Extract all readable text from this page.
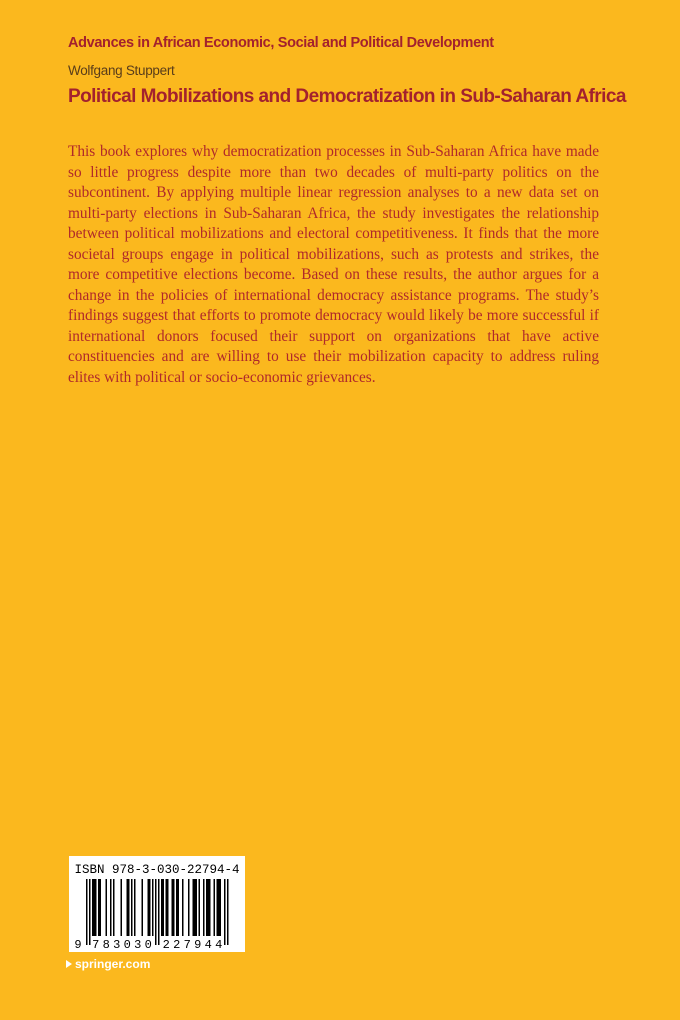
Advances in African Economic, Social and Political Development
Wolfgang Stuppert
Political Mobilizations and Democratization in Sub-Saharan Africa

This book explores why democratization processes in Sub-Saharan Africa have made so little progress despite more than two decades of multi-party politics on the subcontinent. By applying multiple linear regression analyses to a new data set on multi-party elections in Sub-Saharan Africa, the study investigates the relationship between political mobilizations and electoral competitiveness. It finds that the more societal groups engage in political mobilizations, such as protests and strikes, the more competitive elections become. Based on these results, the author argues for a change in the policies of international democracy assistance programs. The study’s findings suggest that efforts to promote democracy would likely be more successful if international donors focused their support on organizations that have active constituencies and are willing to use their mobilization capacity to address ruling elites with political or socio-economic grievances.

ISBN 978-3-030-22794-4
9 7 8 3 0 3 0 2 2 7 9 4 4
springer.com
